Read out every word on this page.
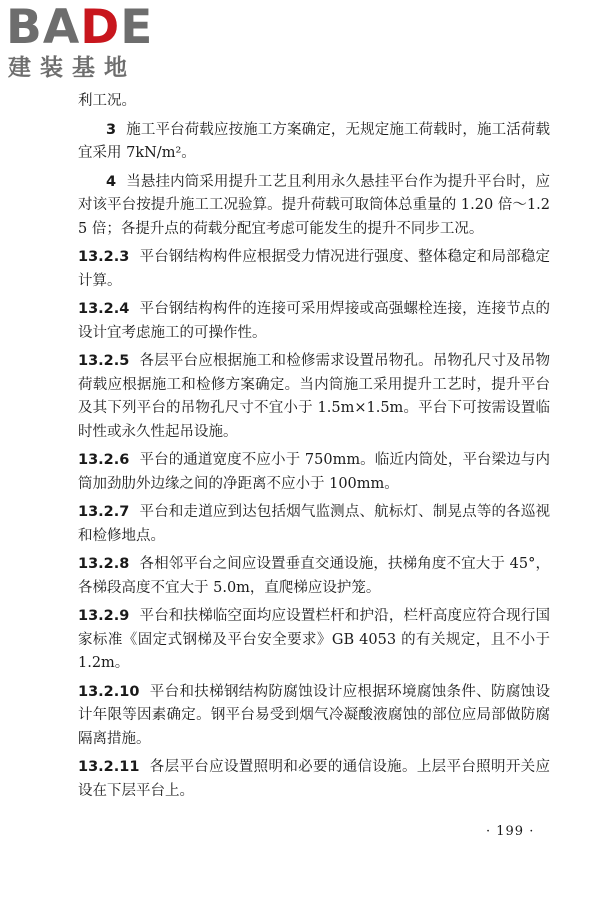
BADE
建装基地

利工况。

3 施工平台荷载应按施工方案确定，无规定施工荷载时，施工活荷载宜采用 7kN/m²。

4 当悬挂内筒采用提升工艺且利用永久悬挂平台作为提升平台时，应对该平台按提升施工工况验算。提升荷载可取筒体总重量的 1.20 倍～1.25 倍；各提升点的荷载分配宜考虑可能发生的提升不同步工况。

13.2.3 平台钢结构构件应根据受力情况进行强度、整体稳定和局部稳定计算。

13.2.4 平台钢结构构件的连接可采用焊接或高强螺栓连接，连接节点的设计宜考虑施工的可操作性。

13.2.5 各层平台应根据施工和检修需求设置吊物孔。吊物孔尺寸及吊物荷载应根据施工和检修方案确定。当内筒施工采用提升工艺时，提升平台及其下列平台的吊物孔尺寸不宜小于 1.5m×1.5m。平台下可按需设置临时性或永久性起吊设施。

13.2.6 平台的通道宽度不应小于 750mm。临近内筒处，平台梁边与内筒加劲肋外边缘之间的净距离不应小于 100mm。

13.2.7 平台和走道应到达包括烟气监测点、航标灯、制晃点等的各巡视和检修地点。

13.2.8 各相邻平台之间应设置垂直交通设施，扶梯角度不宜大于 45°，各梯段高度不宜大于 5.0m，直爬梯应设护笼。

13.2.9 平台和扶梯临空面均应设置栏杆和护沿，栏杆高度应符合现行国家标准《固定式钢梯及平台安全要求》GB 4053 的有关规定，且不小于 1.2m。

13.2.10 平台和扶梯钢结构防腐蚀设计应根据环境腐蚀条件、防腐蚀设计年限等因素确定。钢平台易受到烟气冷凝酸液腐蚀的部位应局部做防腐隔离措施。

13.2.11 各层平台应设置照明和必要的通信设施。上层平台照明开关应设在下层平台上。

· 199 ·
